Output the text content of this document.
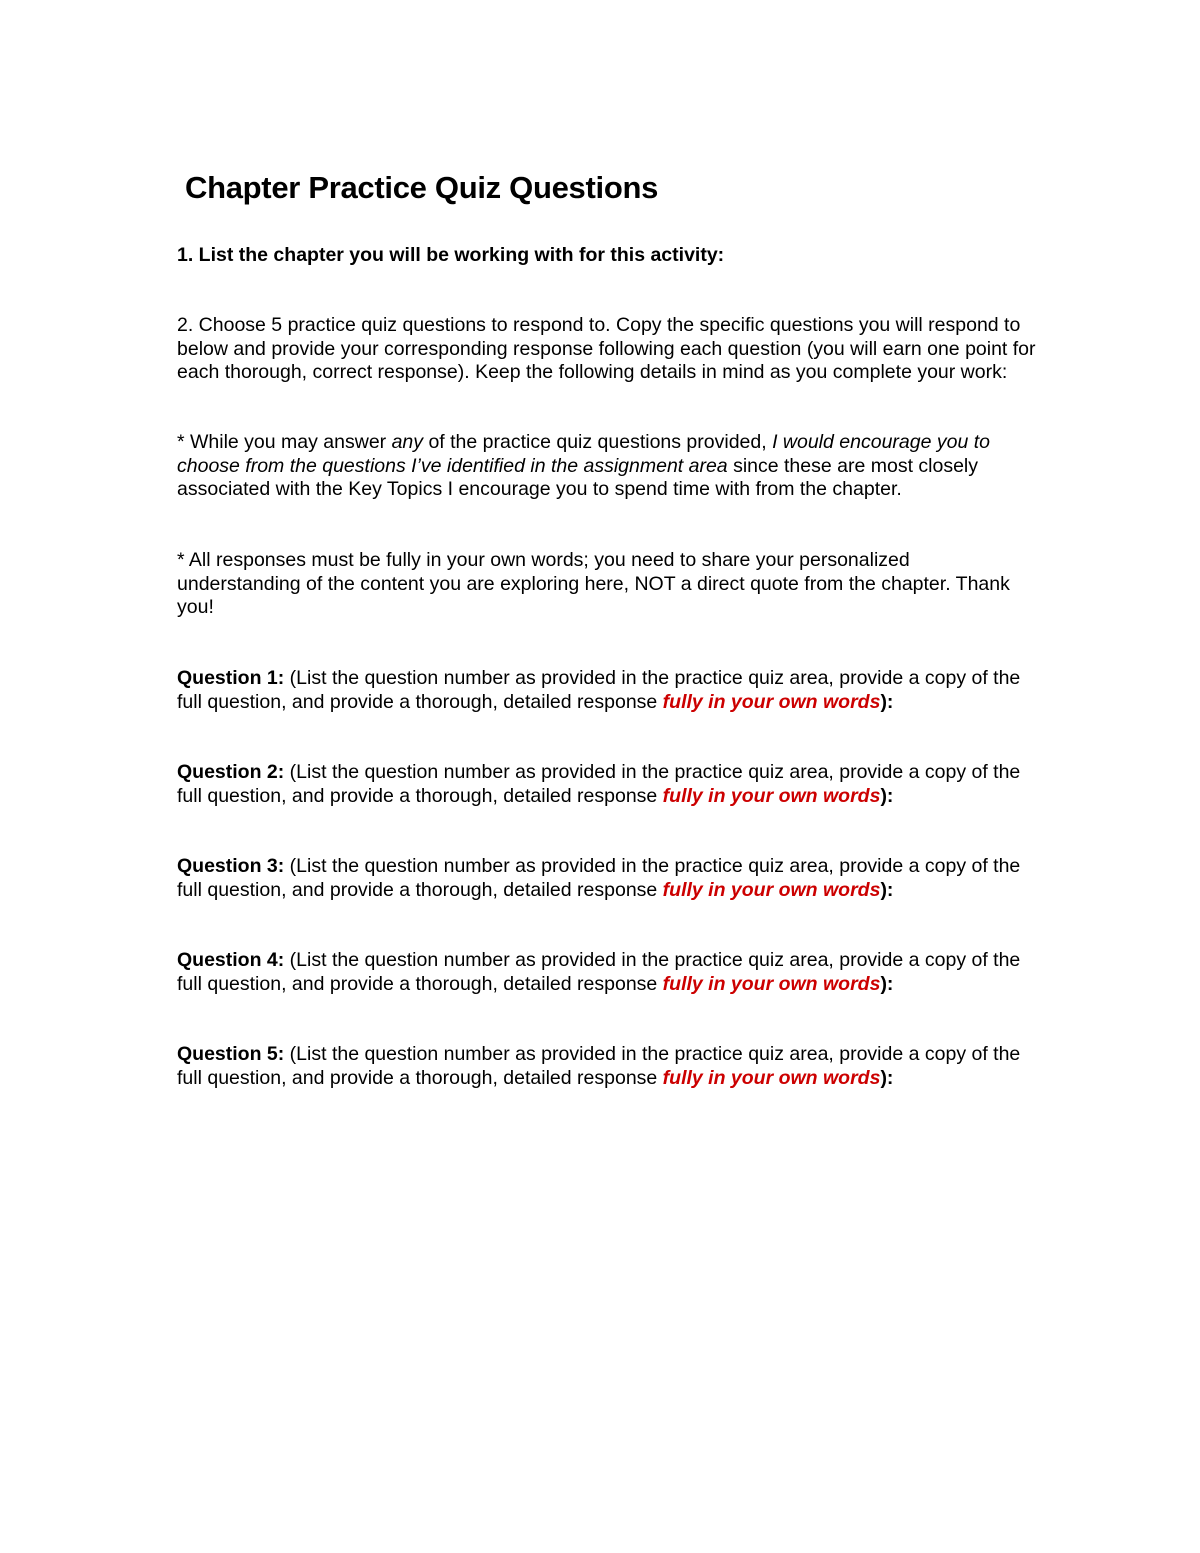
Chapter Practice Quiz Questions

1. List the chapter you will be working with for this activity:

2. Choose 5 practice quiz questions to respond to. Copy the specific questions you will respond to below and provide your corresponding response following each question (you will earn one point for each thorough, correct response). Keep the following details in mind as you complete your work:

* While you may answer any of the practice quiz questions provided, I would encourage you to choose from the questions I’ve identified in the assignment area since these are most closely associated with the Key Topics I encourage you to spend time with from the chapter.

* All responses must be fully in your own words; you need to share your personalized understanding of the content you are exploring here, NOT a direct quote from the chapter. Thank you!

Question 1: (List the question number as provided in the practice quiz area, provide a copy of the full question, and provide a thorough, detailed response fully in your own words):

Question 2: (List the question number as provided in the practice quiz area, provide a copy of the full question, and provide a thorough, detailed response fully in your own words):

Question 3: (List the question number as provided in the practice quiz area, provide a copy of the full question, and provide a thorough, detailed response fully in your own words):

Question 4: (List the question number as provided in the practice quiz area, provide a copy of the full question, and provide a thorough, detailed response fully in your own words):

Question 5: (List the question number as provided in the practice quiz area, provide a copy of the full question, and provide a thorough, detailed response fully in your own words):
